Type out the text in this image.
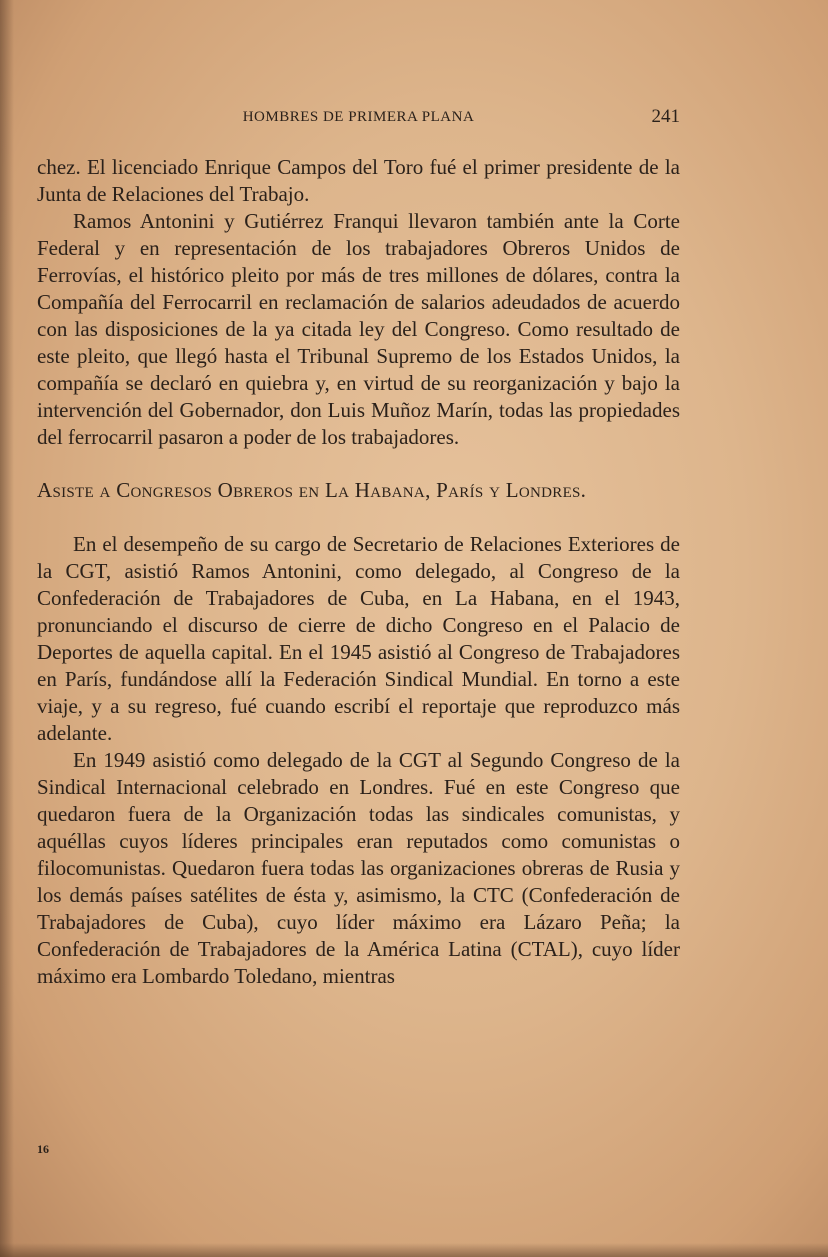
HOMBRES DE PRIMERA PLANA	241

chez. El licenciado Enrique Campos del Toro fué el primer presidente de la Junta de Relaciones del Trabajo.

Ramos Antonini y Gutiérrez Franqui llevaron también ante la Corte Federal y en representación de los trabajadores Obreros Unidos de Ferrovías, el histórico pleito por más de tres millones de dólares, contra la Compañía del Ferrocarril en reclamación de salarios adeudados de acuerdo con las disposiciones de la ya citada ley del Congreso. Como resultado de este pleito, que llegó hasta el Tribunal Supremo de los Estados Unidos, la compañía se declaró en quiebra y, en virtud de su reorganización y bajo la intervención del Gobernador, don Luis Muñoz Marín, todas las propiedades del ferrocarril pasaron a poder de los trabajadores.

Asiste a Congresos Obreros en La Habana, París y Londres.

En el desempeño de su cargo de Secretario de Relaciones Exteriores de la CGT, asistió Ramos Antonini, como delegado, al Congreso de la Confederación de Trabajadores de Cuba, en La Habana, en el 1943, pronunciando el discurso de cierre de dicho Congreso en el Palacio de Deportes de aquella capital. En el 1945 asistió al Congreso de Trabajadores en París, fundándose allí la Federación Sindical Mundial. En torno a este viaje, y a su regreso, fué cuando escribí el reportaje que reproduzco más adelante.

En 1949 asistió como delegado de la CGT al Segundo Congreso de la Sindical Internacional celebrado en Londres. Fué en este Congreso que quedaron fuera de la Organización todas las sindicales comunistas, y aquéllas cuyos líderes principales eran reputados como comunistas o filocomunistas. Quedaron fuera todas las organizaciones obreras de Rusia y los demás países satélites de ésta y, asimismo, la CTC (Confederación de Trabajadores de Cuba), cuyo líder máximo era Lázaro Peña; la Confederación de Trabajadores de la América Latina (CTAL), cuyo líder máximo era Lombardo Toledano, mientras

16
